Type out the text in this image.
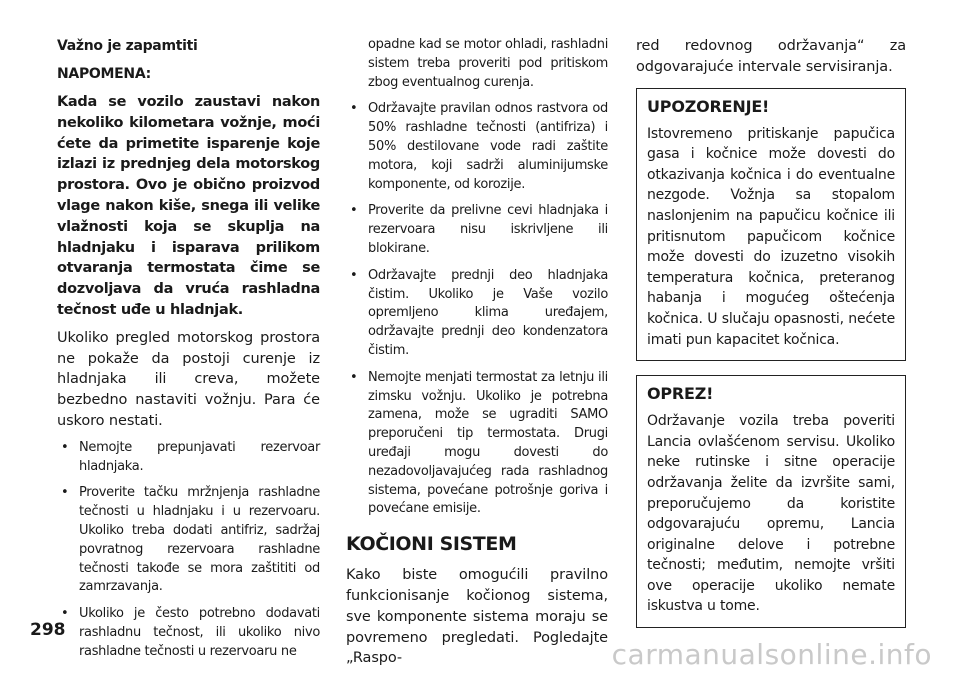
Važno je zapamtiti
NAPOMENA:

Kada se vozilo zaustavi nakon nekoliko kilometara vožnje, moći ćete da primetite isparenje koje izlazi iz prednjeg dela motorskog prostora. Ovo je obično proizvod vlage nakon kiše, snega ili velike vlažnosti koja se skuplja na hladnjaku i isparava prilikom otvaranja termostata čime se dozvoljava da vruća rashladna tečnost uđe u hladnjak.

Ukoliko pregled motorskog prostora ne pokaže da postoji curenje iz hladnjaka ili creva, možete bezbedno nastaviti vožnju. Para će uskoro nestati.

• Nemojte prepunjavati rezervoar hladnjaka.
• Proverite tačku mržnjenja rashladne tečnosti u hladnjaku i u rezervoaru. Ukoliko treba dodati antifriz, sadržaj povratnog rezervoara rashladne tečnosti takođe se mora zaštititi od zamrzavanja.
• Ukoliko je često potrebno dodavati rashladnu tečnost, ili ukoliko nivo rashladne tečnosti u rezervoaru ne
opadne kad se motor ohladi, rashladni sistem treba proveriti pod pritiskom zbog eventualnog curenja.
• Održavajte pravilan odnos rastvora od 50% rashladne tečnosti (antifriza) i 50% destilovane vode radi zaštite motora, koji sadrži aluminijumske komponente, od korozije.
• Proverite da prelivne cevi hladnjaka i rezervoara nisu iskrivljene ili blokirane.
• Održavajte prednji deo hladnjaka čistim. Ukoliko je Vaše vozilo opremljeno klima uređajem, održavajte prednji deo kondenzatora čistim.
• Nemojte menjati termostat za letnju ili zimsku vožnju. Ukoliko je potrebna zamena, može se ugraditi SAMO preporučeni tip termostata. Drugi uređaji mogu dovesti do nezadovoljavajućeg rada rashladnog sistema, povećane potrošnje goriva i povećane emisije.
KOČIONI SISTEM

Kako biste omogućili pravilno funkcionisanje kočionog sistema, sve komponente sistema moraju se povremeno pregledati. Pogledajte „Raspo-

red redovnog održavanja“ za odgovarajuće intervale servisiranja.

UPOZORENJE!

Istovremeno pritiskanje papučica gasa i kočnice može dovesti do otkazivanja kočnica i do eventualne nezgode. Vožnja sa stopalom naslonjenim na papučicu kočnice ili pritisnutom papučicom kočnice može dovesti do izuzetno visokih temperatura kočnica, preteranog habanja i mogućeg oštećenja kočnica. U slučaju opasnosti, nećete imati pun kapacitet kočnica.

OPREZ!

Održavanje vozila treba poveriti Lancia ovlašćenom servisu. Ukoliko neke rutinske i sitne operacije održavanja želite da izvršite sami, preporučujemo da koristite odgovarajuću opremu, Lancia originalne delove i potrebne tečnosti; međutim, nemojte vršiti ove operacije ukoliko nemate iskustva u tome.

298
carmanualsonline.info
